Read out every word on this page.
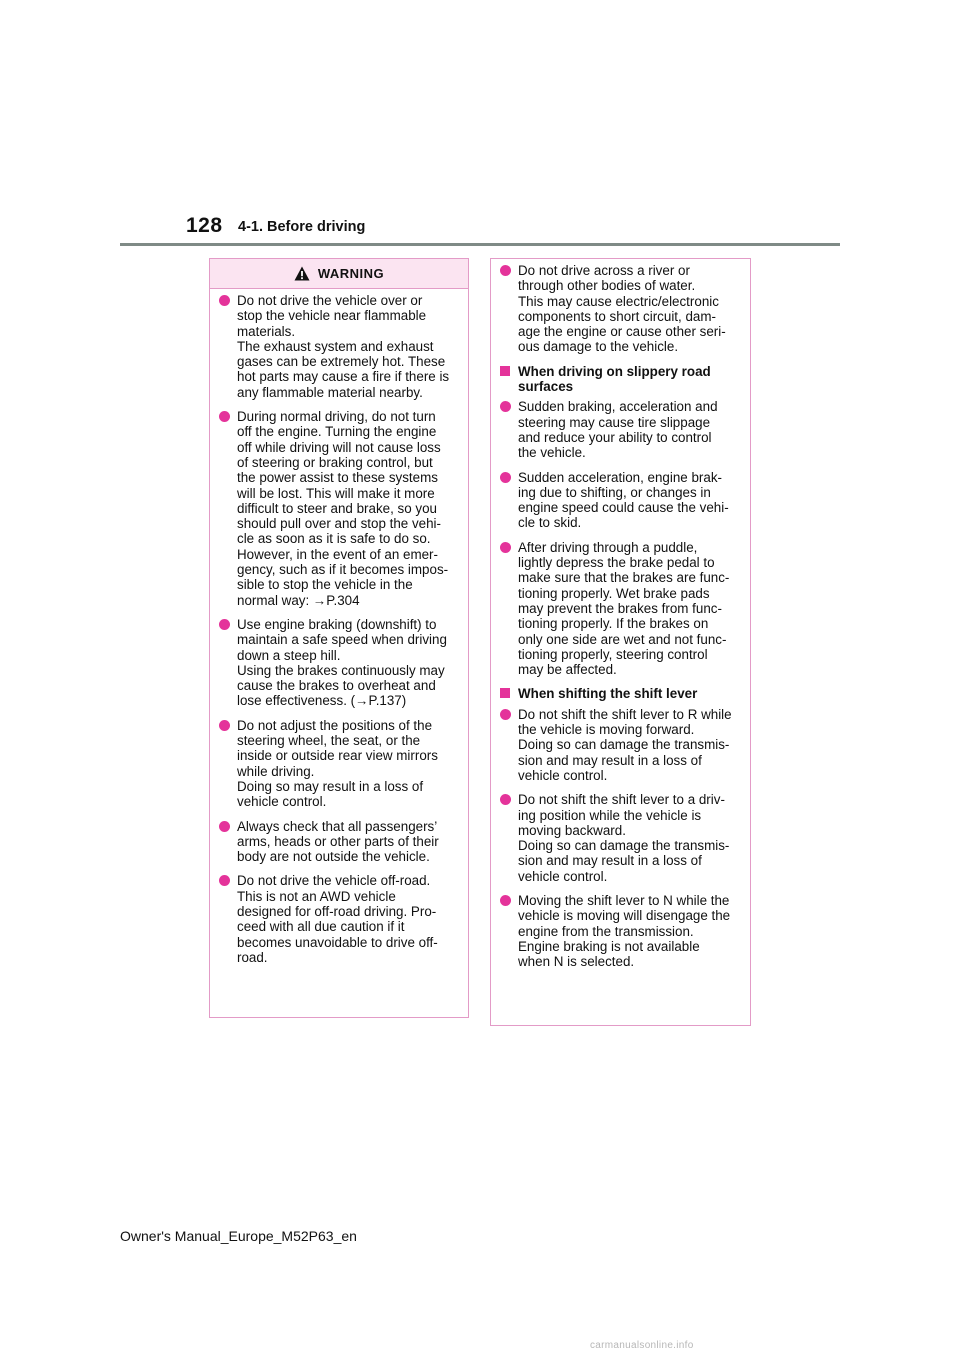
128 4-1. Before driving
WARNING
Do not drive the vehicle over or
stop the vehicle near flammable
materials.
The exhaust system and exhaust
gases can be extremely hot. These
hot parts may cause a fire if there is
any flammable material nearby.
During normal driving, do not turn
off the engine. Turning the engine
off while driving will not cause loss
of steering or braking control, but
the power assist to these systems
will be lost. This will make it more
difficult to steer and brake, so you
should pull over and stop the vehi-
cle as soon as it is safe to do so.
However, in the event of an emer-
gency, such as if it becomes impos-
sible to stop the vehicle in the
normal way: →P.304
Use engine braking (downshift) to
maintain a safe speed when driving
down a steep hill.
Using the brakes continuously may
cause the brakes to overheat and
lose effectiveness. (→P.137)
Do not adjust the positions of the
steering wheel, the seat, or the
inside or outside rear view mirrors
while driving.
Doing so may result in a loss of
vehicle control.
Always check that all passengers’
arms, heads or other parts of their
body are not outside the vehicle.
Do not drive the vehicle off-road.
This is not an AWD vehicle
designed for off-road driving. Pro-
ceed with all due caution if it
becomes unavoidable to drive off-
road.
Do not drive across a river or
through other bodies of water.
This may cause electric/electronic
components to short circuit, dam-
age the engine or cause other seri-
ous damage to the vehicle.
When driving on slippery road
surfaces
Sudden braking, acceleration and
steering may cause tire slippage
and reduce your ability to control
the vehicle.
Sudden acceleration, engine brak-
ing due to shifting, or changes in
engine speed could cause the vehi-
cle to skid.
After driving through a puddle,
lightly depress the brake pedal to
make sure that the brakes are func-
tioning properly. Wet brake pads
may prevent the brakes from func-
tioning properly. If the brakes on
only one side are wet and not func-
tioning properly, steering control
may be affected.
When shifting the shift lever
Do not shift the shift lever to R while
the vehicle is moving forward.
Doing so can damage the transmis-
sion and may result in a loss of
vehicle control.
Do not shift the shift lever to a driv-
ing position while the vehicle is
moving backward.
Doing so can damage the transmis-
sion and may result in a loss of
vehicle control.
Moving the shift lever to N while the
vehicle is moving will disengage the
engine from the transmission.
Engine braking is not available
when N is selected.
Owner's Manual_Europe_M52P63_en
carmanualsonline.info
